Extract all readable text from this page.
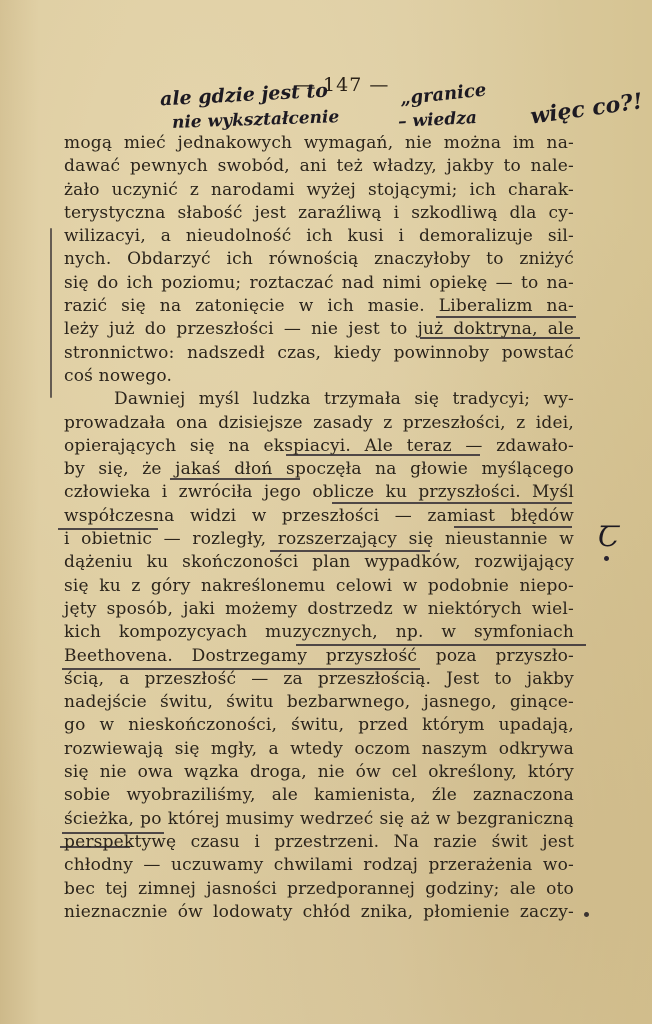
— 147 —
ale gdzie jest to
nie wykształcenie
„granice
– wiedza więc co?!
Ꞇ
mogą mieć jednakowych wymagań, nie można im na-
dawać pewnych swobód, ani też władzy, jakby to nale-
żało uczynić z narodami wyżej stojącymi; ich charak-
terystyczna słabość jest zaraźliwą i szkodliwą dla cy-
wilizacyi, a nieudolność ich kusi i demoralizuje sil-
nych. Obdarzyć ich równością znaczyłoby to zniżyć
się do ich poziomu; roztaczać nad nimi opiekę — to na-
razić się na zatonięcie w ich masie. Liberalizm na-
leży już do przeszłości — nie jest to już doktryna, ale
stronnictwo: nadszedł czas, kiedy powinnoby powstać
coś nowego.
Dawniej myśl ludzka trzymała się tradycyi; wy-
prowadzała ona dzisiejsze zasady z przeszłości, z idei,
opierających się na ekspiacyi. Ale teraz — zdawało-
by się, że jakaś dłoń spoczęła na głowie myślącego
człowieka i zwróciła jego oblicze ku przyszłości. Myśl
współczesna widzi w przeszłości — zamiast błędów
i obietnic — rozległy, rozszerzający się nieustannie w
dążeniu ku skończoności plan wypadków, rozwijający
się ku z góry nakreślonemu celowi w podobnie niepo-
jęty sposób, jaki możemy dostrzedz w niektórych wiel-
kich kompozycyach muzycznych, np. w symfoniach
Beethovena. Dostrzegamy przyszłość poza przyszło-
ścią, a przeszłość — za przeszłością. Jest to jakby
nadejście świtu, świtu bezbarwnego, jasnego, ginące-
go w nieskończoności, świtu, przed którym upadają,
rozwiewają się mgły, a wtedy oczom naszym odkrywa
się nie owa wązka droga, nie ów cel określony, który
sobie wyobraziliśmy, ale kamienista, źle zaznaczona
ścieżka, po której musimy wedrzeć się aż w bezgraniczną
perspektywę czasu i przestrzeni. Na razie świt jest
chłodny — uczuwamy chwilami rodzaj przerażenia wo-
bec tej zimnej jasności przedporannej godziny; ale oto
nieznacznie ów lodowaty chłód znika, płomienie zaczy-
